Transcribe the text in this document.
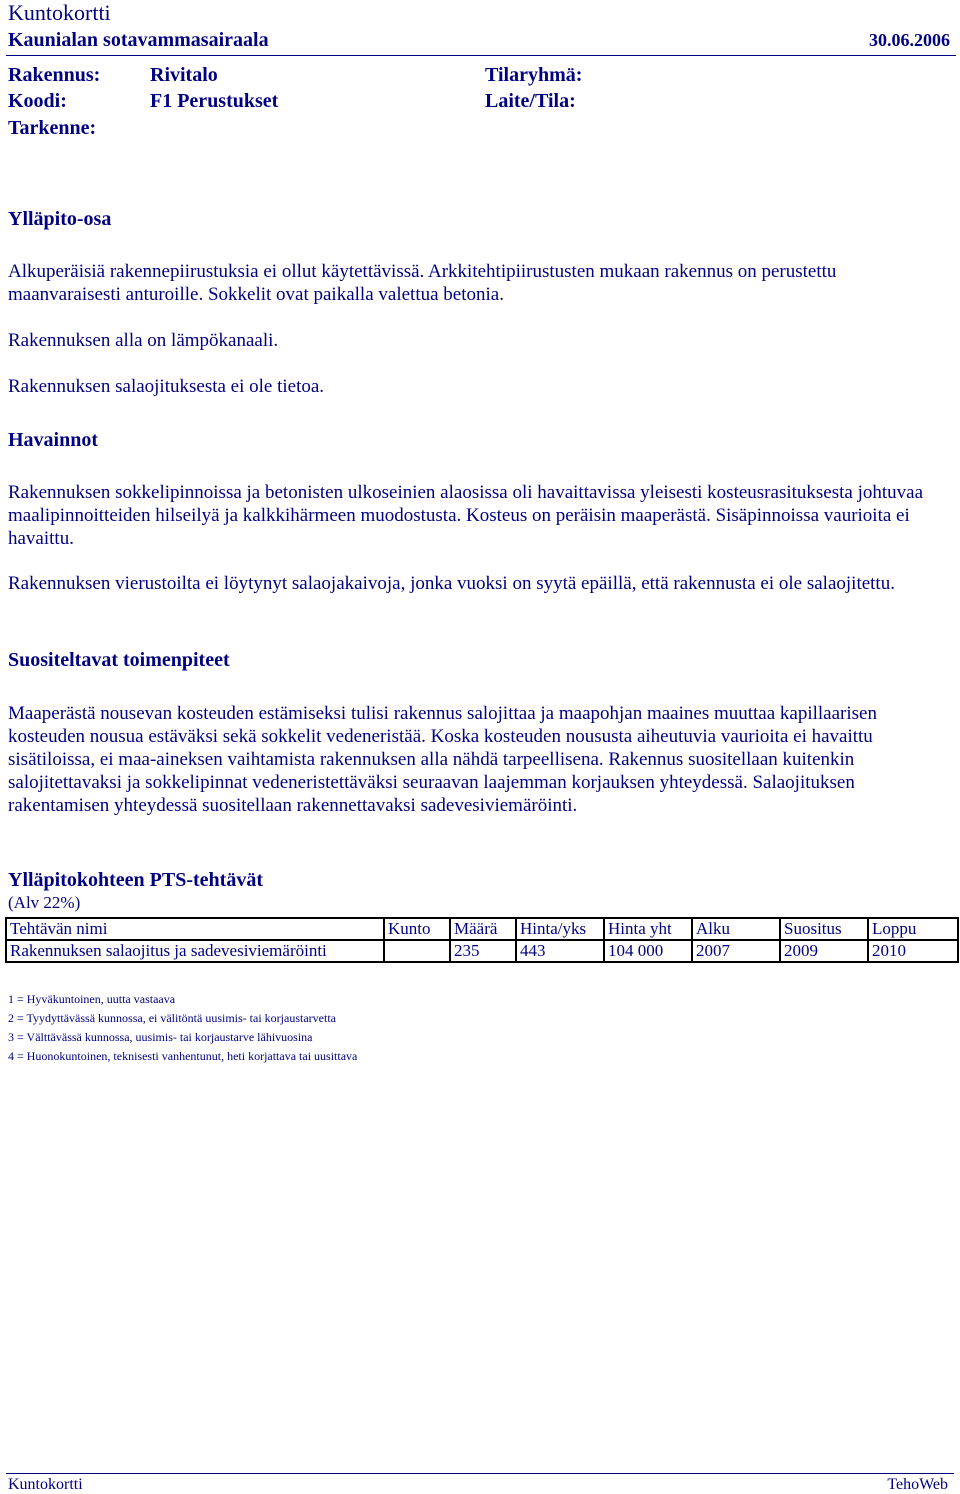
Kuntokortti
Kaunialan sotavammasairaala	30.06.2006
Rakennus: Rivitalo	Tilaryhmä:
Koodi:	F1 Perustukset	Laite/Tila:
Tarkenne:
Ylläpito-osa
Alkuperäisiä rakennepiirustuksia ei ollut käytettävissä. Arkkitehtipiirustusten mukaan rakennus on perustettu maanvaraisesti anturoille. Sokkelit ovat paikalla valettua betonia.
Rakennuksen alla on lämpökanaali.
Rakennuksen salaojituksesta ei ole tietoa.
Havainnot
Rakennuksen sokkelipinnoissa ja betonisten ulkoseinien alaosissa oli havaittavissa yleisesti kosteusrasituksesta johtuvaa maalipinnoitteiden hilseilyä ja kalkkihärmeen muodostusta. Kosteus on peräisin maaperästä. Sisäpinnoissa vaurioita ei havaittu.
Rakennuksen vierustoilta ei löytynyt salaojakaivoja, jonka vuoksi on syytä epäillä, että rakennusta ei ole salaojitettu.
Suositeltavat toimenpiteet
Maaperästä nousevan kosteuden estämiseksi tulisi rakennus salojittaa ja maapohjan maaines muuttaa kapillaarisen kosteuden nousua estäväksi sekä sokkelit vedeneristää. Koska kosteuden noususta aiheutuvia vaurioita ei havaittu sisätiloissa, ei maa-aineksen vaihtamista rakennuksen alla nähdä tarpeellisena. Rakennus suositellaan kuitenkin salojitettavaksi ja sokkelipinnat vedeneristettäväksi seuraavan laajemman korjauksen yhteydessä. Salaojituksen rakentamisen yhteydessä suositellaan rakennettavaksi sadevesiviemäröinti.
Ylläpitokohteen PTS-tehtävät
(Alv 22%)
Tehtävän nimi	Kunto	Määrä	Hinta/yks	Hinta yht	Alku	Suositus	Loppu
Rakennuksen salaojitus ja sadevesiviemäröinti		235	443	104 000	2007	2009	2010
1 = Hyväkuntoinen, uutta vastaava
2 = Tyydyttävässä kunnossa, ei välitöntä uusimis- tai korjaustarvetta
3 = Välttävässä kunnossa, uusimis- tai korjaustarve lähivuosina
4 = Huonokuntoinen, teknisesti vanhentunut, heti korjattava tai uusittava
Kuntokortti	TehoWeb
